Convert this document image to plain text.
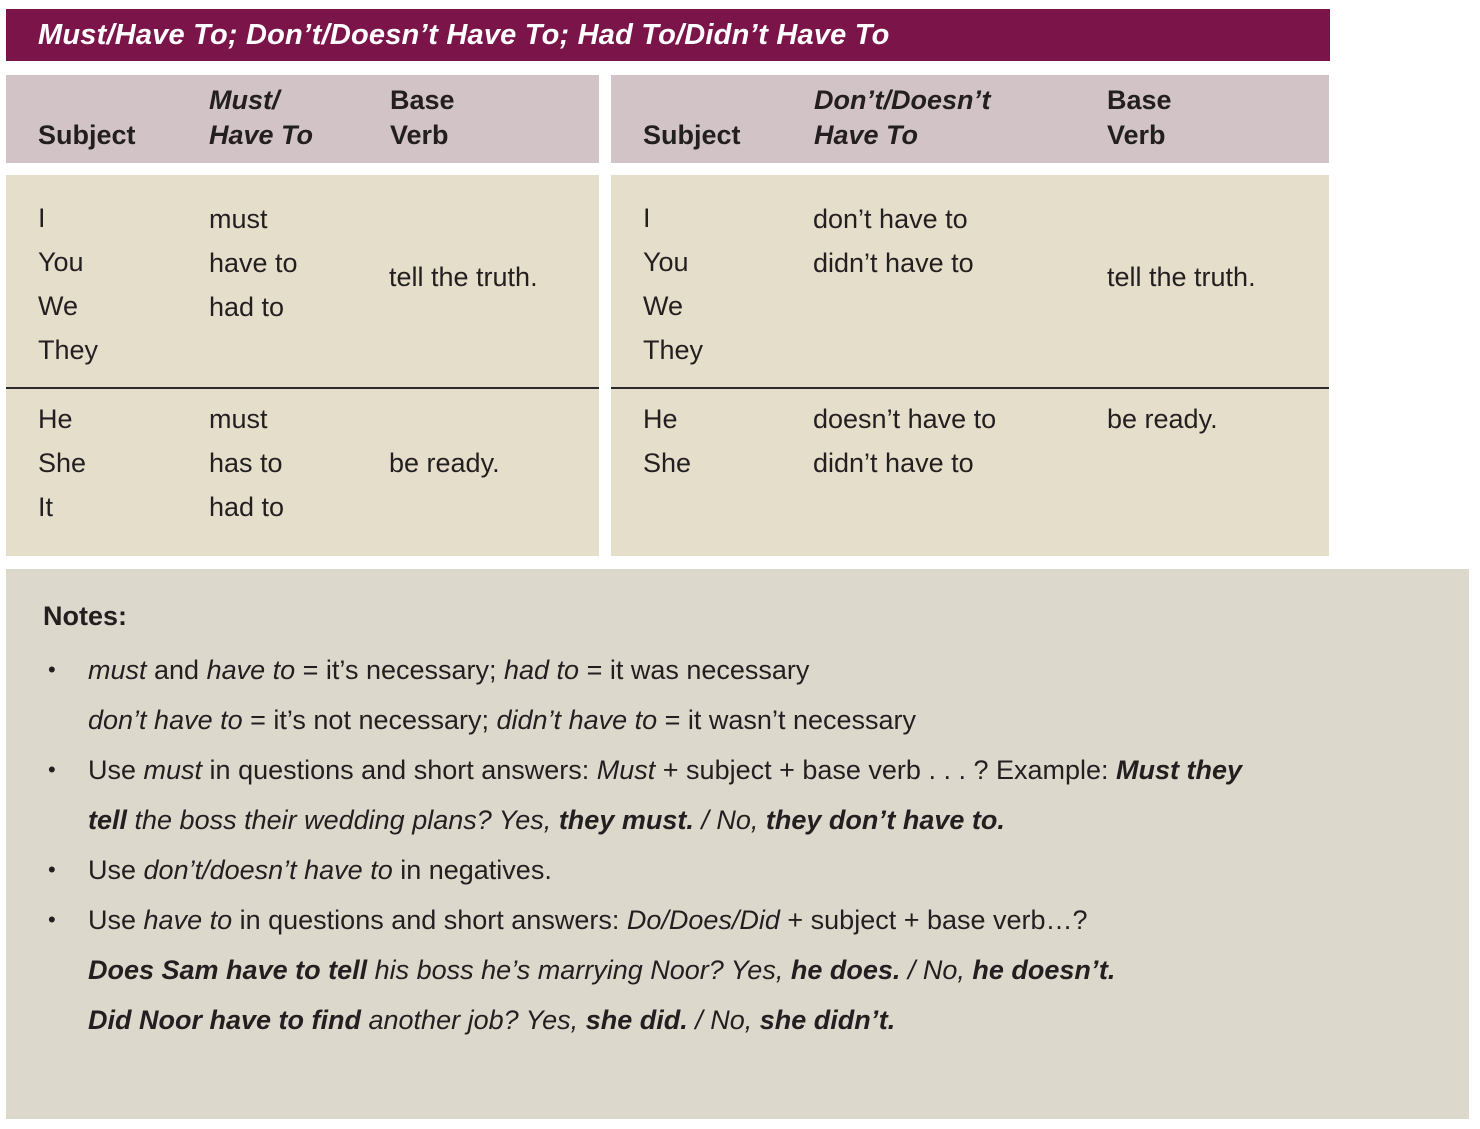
Must/Have To; Don’t/Doesn’t Have To; Had To/Didn’t Have To
Subject
Must/
Have To
Base
Verb	Subject
Don’t/Doesn’t
Have To
Base
Verb
I
You
We
They
must
have to
had to
tell the truth.
He
She
It
must
has to
had to
be ready.
I
You
We
They
don’t have to
didn’t have to	tell the truth.
He
She
doesn’t have to
didn’t have to
be ready.
Notes:
• must and have to = it’s necessary; had to = it was necessary
don’t have to = it’s not necessary; didn’t have to = it wasn’t necessary
• Use must in questions and short answers: Must + subject + base verb . . . ? Example: Must they
tell the boss their wedding plans? Yes, they must. / No, they don’t have to.
• Use don’t/doesn’t have to in negatives.
• Use have to in questions and short answers: Do/Does/Did + subject + base verb…?
Does Sam have to tell his boss he’s marrying Noor? Yes, he does. / No, he doesn’t.
Did Noor have to find another job? Yes, she did. / No, she didn’t.
